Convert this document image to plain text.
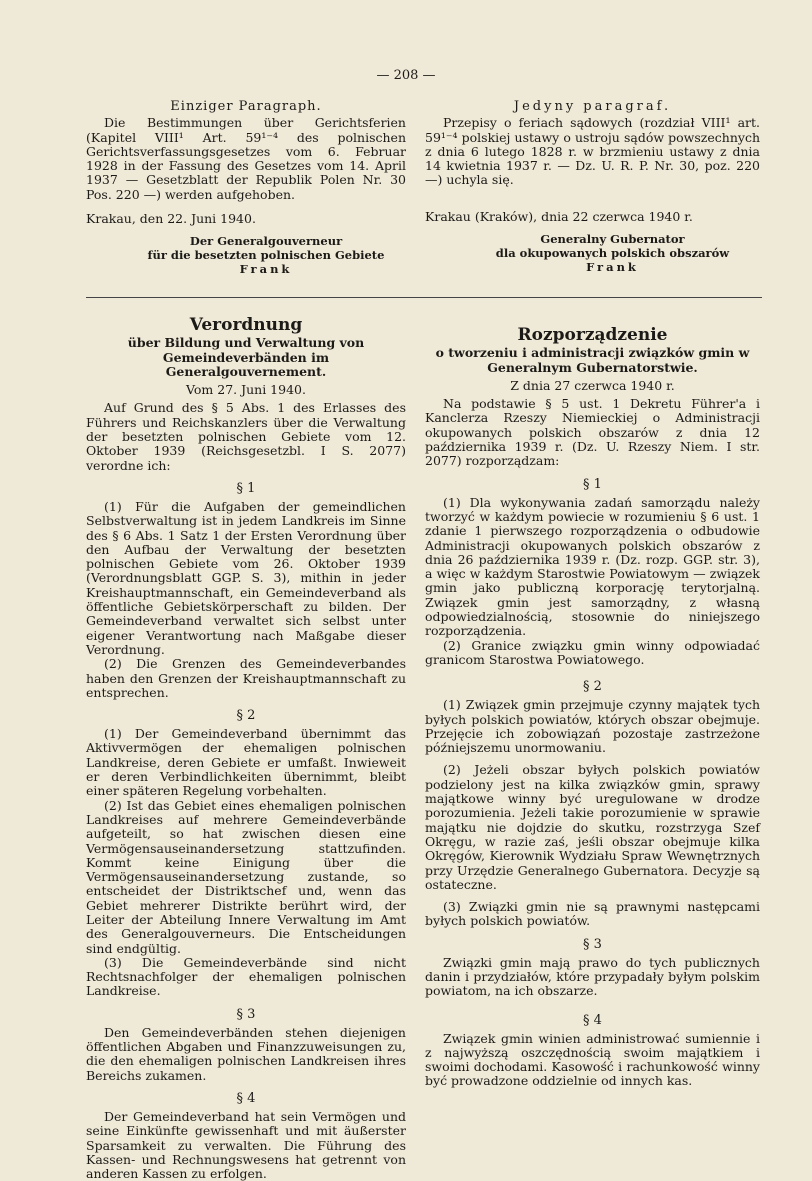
— 208 —

Einziger Paragraph.

Die Bestimmungen über Gerichtsferien (Kapitel VIII¹ Art. 59¹⁻⁴ des polnischen Gerichtsverfassungsgesetzes vom 6. Februar 1928 in der Fassung des Gesetzes vom 14. April 1937 — Gesetzblatt der Republik Polen Nr. 30 Pos. 220 —) werden aufgehoben.

Krakau, den 22. Juni 1940.

Der Generalgouverneur

für die besetzten polnischen Gebiete

Frank

Jedyny paragraf.

Przepisy o feriach sądowych (rozdział VIII¹ art. 59¹⁻⁴ polskiej ustawy o ustroju sądów powszechnych z dnia 6 lutego 1828 r. w brzmieniu ustawy z dnia 14 kwietnia 1937 r. — Dz. U. R. P. Nr. 30, poz. 220 —) uchyla się.

Krakau (Kraków), dnia 22 czerwca 1940 r.

Generalny Gubernator

dla okupowanych polskich obszarów

Frank

Verordnung

über Bildung und Verwaltung von Gemeindeverbänden im Generalgouvernement.

Vom 27. Juni 1940.

Auf Grund des § 5 Abs. 1 des Erlasses des Führers und Reichskanzlers über die Verwaltung der besetzten polnischen Gebiete vom 12. Oktober 1939 (Reichsgesetzbl. I S. 2077) verordne ich:

§ 1

(1) Für die Aufgaben der gemeindlichen Selbstverwaltung ist in jedem Landkreis im Sinne des § 6 Abs. 1 Satz 1 der Ersten Verordnung über den Aufbau der Verwaltung der besetzten polnischen Gebiete vom 26. Oktober 1939 (Verordnungsblatt GGP. S. 3), mithin in jeder Kreishauptmannschaft, ein Gemeindeverband als öffentliche Gebietskörperschaft zu bilden. Der Gemeindeverband verwaltet sich selbst unter eigener Verantwortung nach Maßgabe dieser Verordnung.

(2) Die Grenzen des Gemeindeverbandes haben den Grenzen der Kreishauptmannschaft zu entsprechen.

§ 2

(1) Der Gemeindeverband übernimmt das Aktivvermögen der ehemaligen polnischen Landkreise, deren Gebiete er umfaßt. Inwieweit er deren Verbindlichkeiten übernimmt, bleibt einer späteren Regelung vorbehalten.

(2) Ist das Gebiet eines ehemaligen polnischen Landkreises auf mehrere Gemeindeverbände aufgeteilt, so hat zwischen diesen eine Vermögensauseinandersetzung stattzufinden. Kommt keine Einigung über die Vermögensauseinandersetzung zustande, so entscheidet der Distriktschef und, wenn das Gebiet mehrerer Distrikte berührt wird, der Leiter der Abteilung Innere Verwaltung im Amt des Generalgouverneurs. Die Entscheidungen sind endgültig.

(3) Die Gemeindeverbände sind nicht Rechtsnachfolger der ehemaligen polnischen Landkreise.

§ 3

Den Gemeindeverbänden stehen diejenigen öffentlichen Abgaben und Finanzzuweisungen zu, die den ehemaligen polnischen Landkreisen ihres Bereichs zukamen.

§ 4

Der Gemeindeverband hat sein Vermögen und seine Einkünfte gewissenhaft und mit äußerster Sparsamkeit zu verwalten. Die Führung des Kassen- und Rechnungswesens hat getrennt von anderen Kassen zu erfolgen.

Rozporządzenie

o tworzeniu i administracji związków gmin w Generalnym Gubernatorstwie.

Z dnia 27 czerwca 1940 r.

Na podstawie § 5 ust. 1 Dekretu Führer'a i Kanclerza Rzeszy Niemieckiej o Administracji okupowanych polskich obszarów z dnia 12 października 1939 r. (Dz. U. Rzeszy Niem. I str. 2077) rozporządzam:

§ 1

(1) Dla wykonywania zadań samorządu należy tworzyć w każdym powiecie w rozumieniu § 6 ust. 1 zdanie 1 pierwszego rozporządzenia o odbudowie Administracji okupowanych polskich obszarów z dnia 26 października 1939 r. (Dz. rozp. GGP. str. 3), a więc w każdym Starostwie Powiatowym — związek gmin jako publiczną korporację terytorjalną. Związek gmin jest samorządny, z własną odpowiedzialnością, stosownie do niniejszego rozporządzenia.

(2) Granice związku gmin winny odpowiadać granicom Starostwa Powiatowego.

§ 2

(1) Związek gmin przejmuje czynny majątek tych byłych polskich powiatów, których obszar obejmuje. Przejęcie ich zobowiązań pozostaje zastrzeżone późniejszemu unormowaniu.

(2) Jeżeli obszar byłych polskich powiatów podzielony jest na kilka związków gmin, sprawy majątkowe winny być uregulowane w drodze porozumienia. Jeżeli takie porozumienie w sprawie majątku nie dojdzie do skutku, rozstrzyga Szef Okręgu, w razie zaś, jeśli obszar obejmuje kilka Okręgów, Kierownik Wydziału Spraw Wewnętrznych przy Urzędzie Generalnego Gubernatora. Decyzje są ostateczne.

(3) Związki gmin nie są prawnymi następcami byłych polskich powiatów.

§ 3

Związki gmin mają prawo do tych publicznych danin i przydziałów, które przypadały byłym polskim powiatom, na ich obszarze.

§ 4

Związek gmin winien administrować sumiennie i z najwyższą oszczędnością swoim majątkiem i swoimi dochodami. Kasowość i rachunkowość winny być prowadzone oddzielnie od innych kas.
